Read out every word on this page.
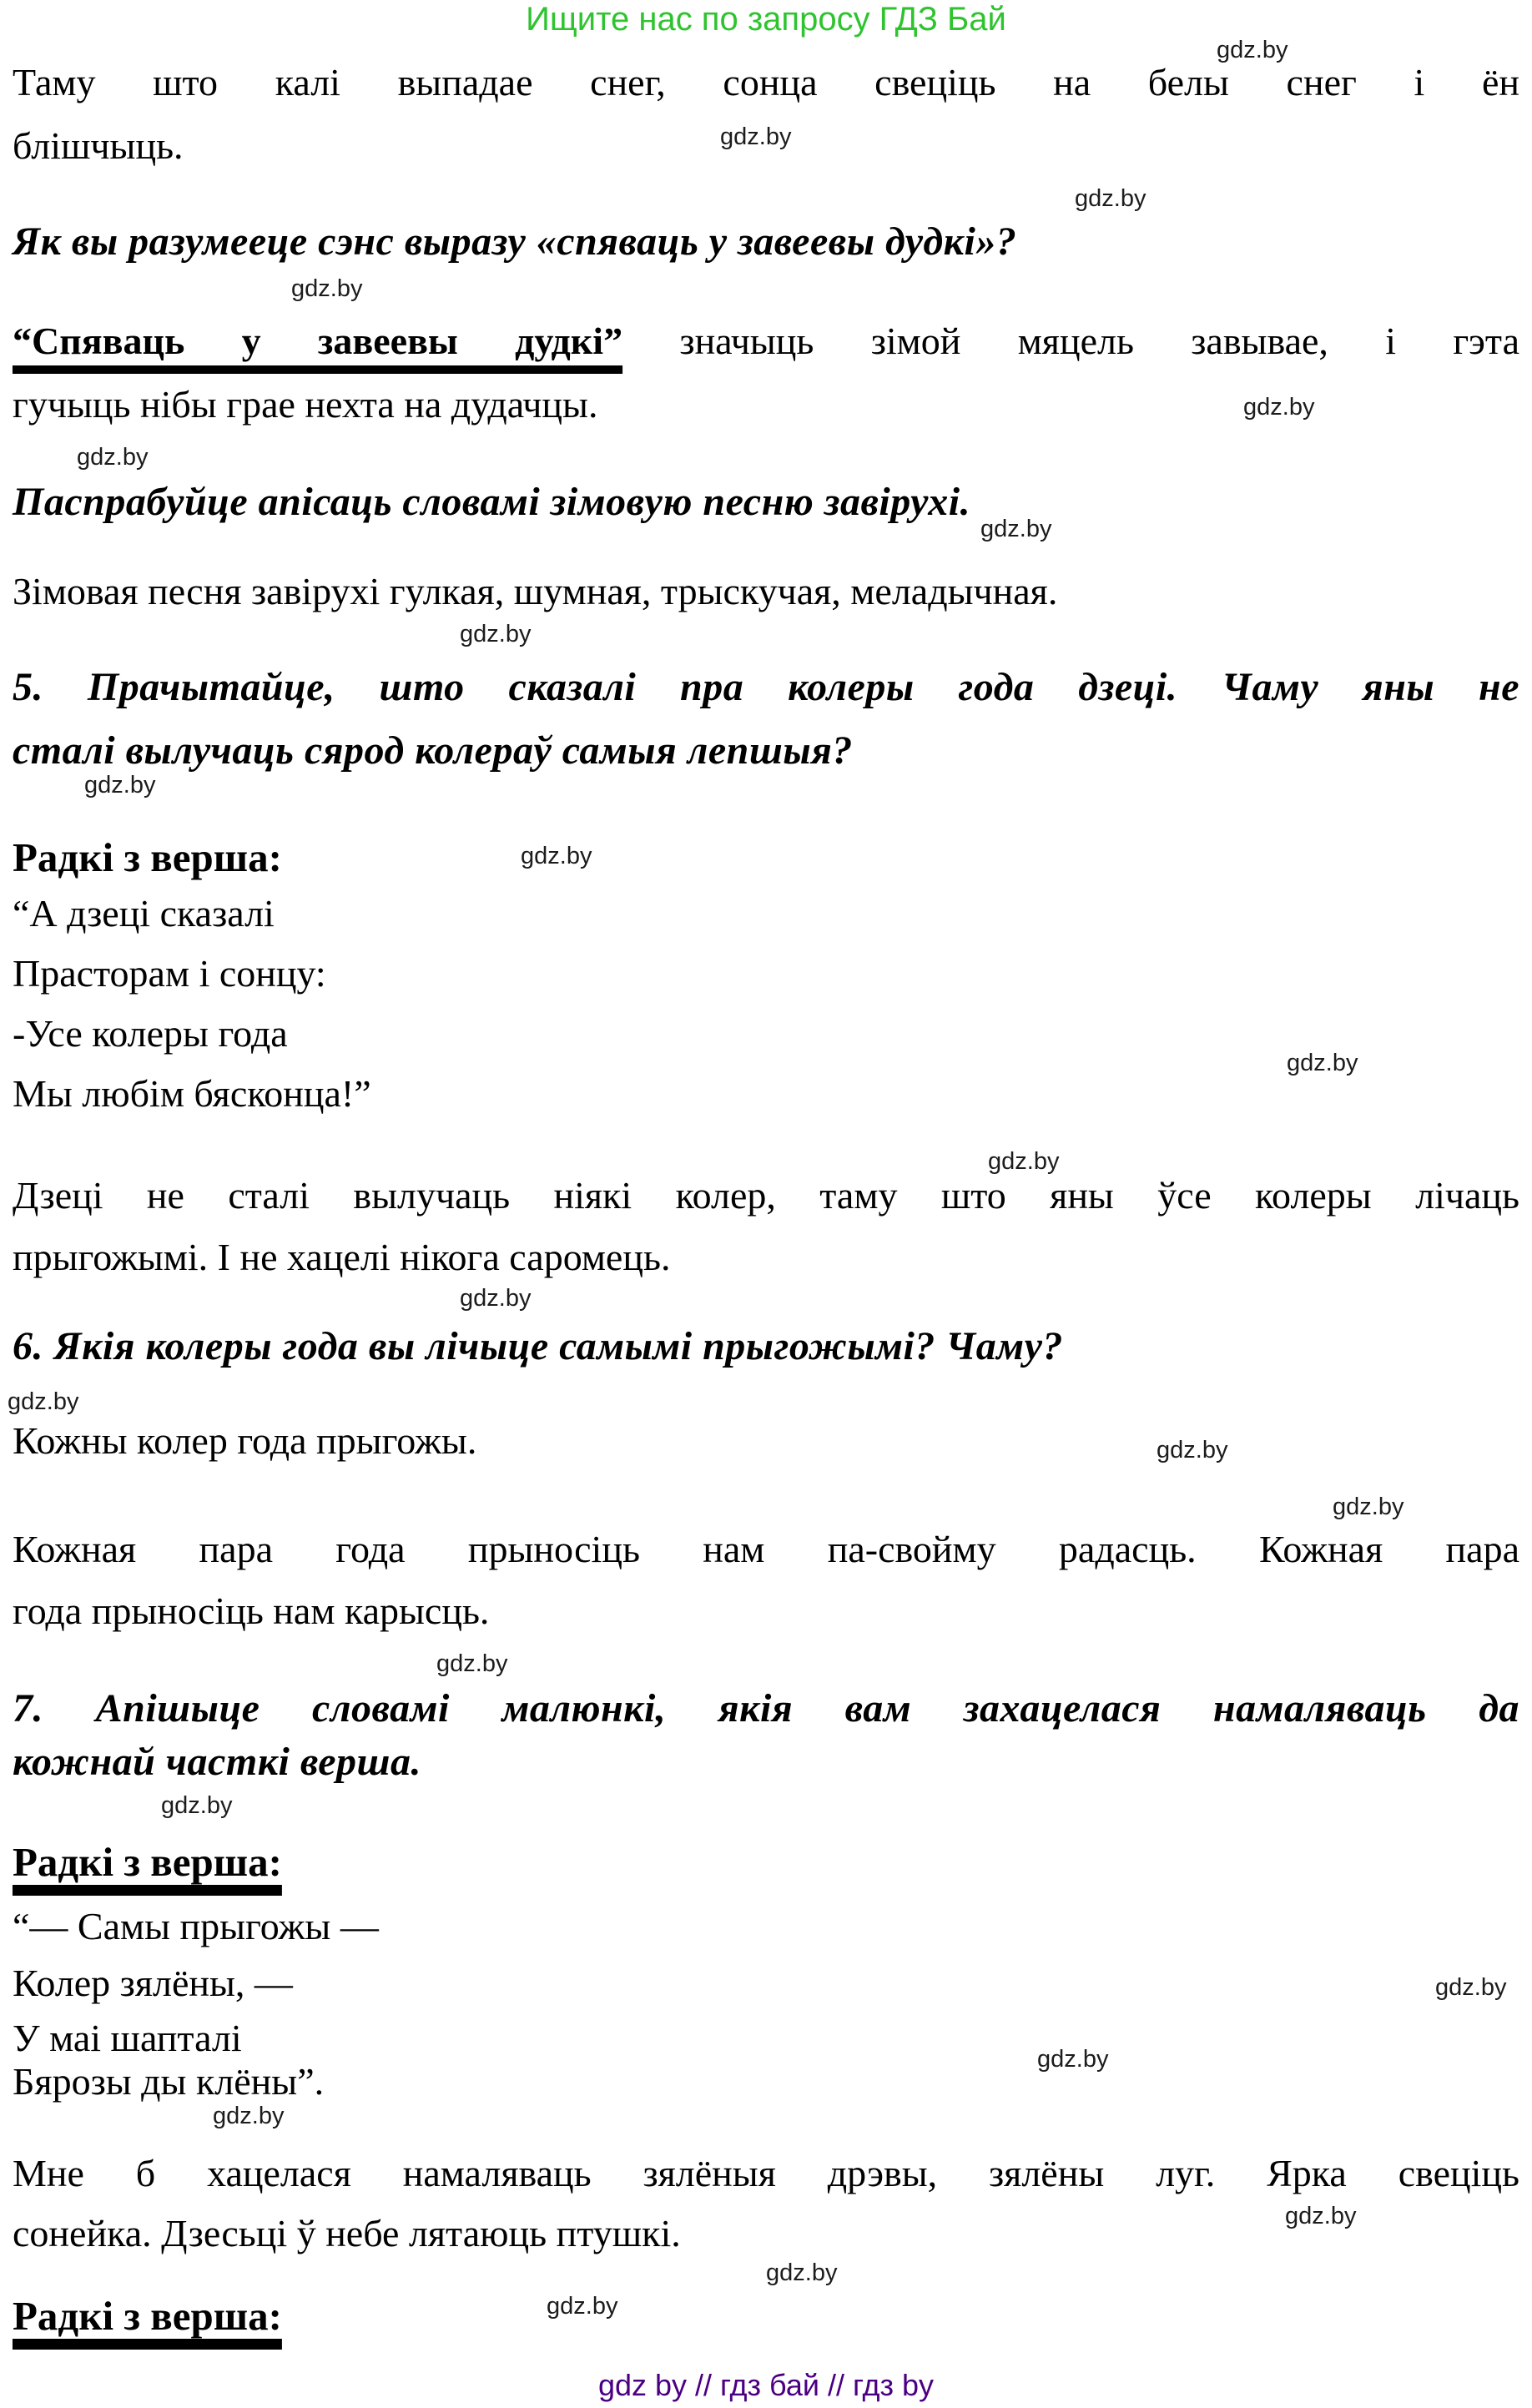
Ищите нас по запросу ГДЗ Бай
Таму што калі выпадае снег, сонца свеціць на белы снег і ён
блішчыць.
Як вы разумееце сэнс выразу «спяваць у завеевы дудкі»?
“Спяваць у завеевы дудкі” значыць зімой мяцель завывае, і гэта
гучыць нібы грае нехта на дудачцы.
Паспрабуйце апісаць словамі зімовую песню завірухі.
Зімовая песня завірухі гулкая, шумная, трыскучая, меладычная.
5. Прачытайце, што сказалі пра колеры года дзеці. Чаму яны не
сталі вылучаць сярод колераў самыя лепшыя?
Радкі з верша:
“А дзеці сказалі
Прасторам і сонцу:
-Усе колеры года
Мы любім бясконца!”
Дзеці не сталі вылучаць ніякі колер, таму што яны ўсе колеры лічаць
прыгожымі. І не хацелі нікога саромець.
6. Якія колеры года вы лічыце самымі прыгожымі? Чаму?
Кожны колер года прыгожы.
Кожная пара года прыносіць нам па-свойму радасць. Кожная пара
года прыносіць нам карысць.
7. Апішыце словамі малюнкі, якія вам захацелася намаляваць да
кожнай часткі верша.
Радкі з верша:
“— Самы прыгожы —
Колер зялёны, —
У маі шапталі
Бярозы ды клёны”.
Мне б хацелася намаляваць зялёныя дрэвы, зялёны луг. Ярка свеціць
сонейка. Дзесьці ў небе лятаюць птушкі.
Радкі з верша:
gdz by // гдз бай // гдз by
gdz.by
gdz.by
gdz.by
gdz.by
gdz.by
gdz.by
gdz.by
gdz.by
gdz.by
gdz.by
gdz.by
gdz.by
gdz.by
gdz.by
gdz.by
gdz.by
gdz.by
gdz.by
gdz.by
gdz.by
gdz.by
gdz.by
gdz.by
gdz.by
